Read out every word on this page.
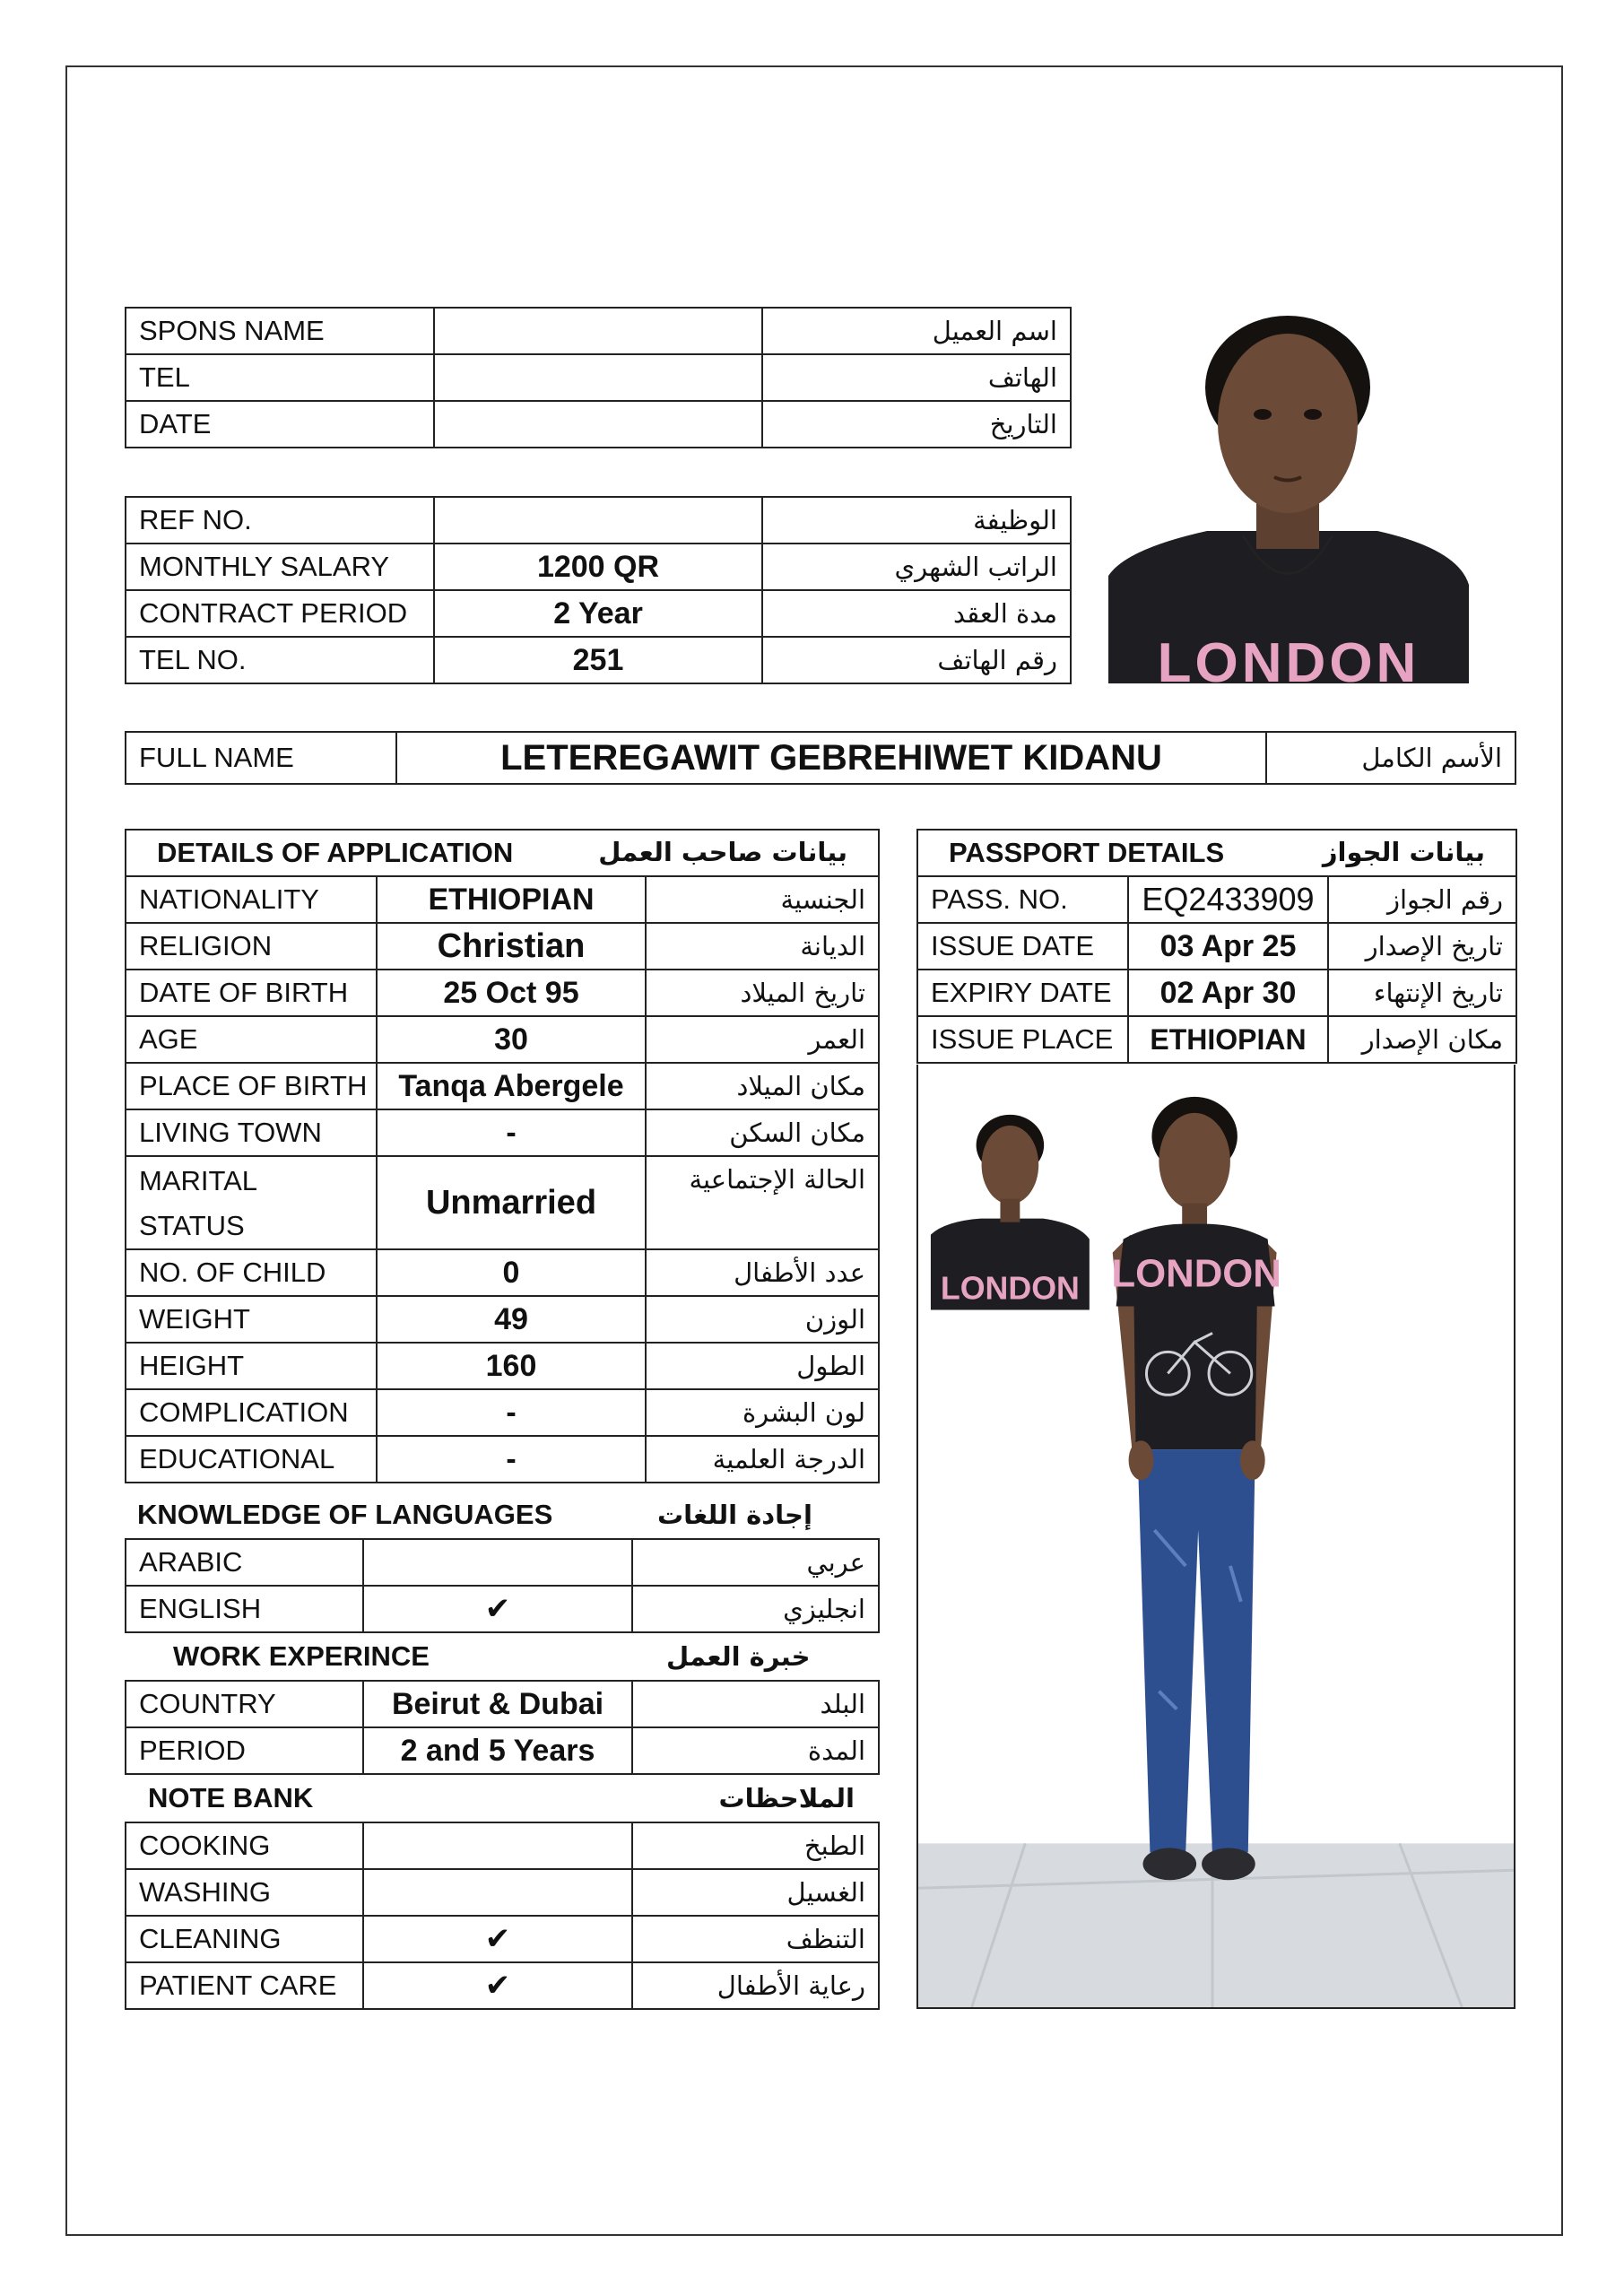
SPONS NAME		اسم العميل
TEL		الهاتف
DATE		التاريخ
REF NO.		الوظيفة
MONTHLY SALARY	1200 QR	الراتب الشهري
CONTRACT PERIOD	2 Year	مدة العقد
TEL NO.	251	رقم الهاتف LONDON
FULL NAME	LETEREGAWIT GEBREHIWET KIDANU	الأسم الكامل
DETAILS OF APPLICATION بيانات صاحب العمل		

NATIONALITY	ETHIOPIAN	الجنسية
RELIGION	Christian	الديانة
DATE OF BIRTH	25 Oct 95	تاريخ الميلاد
AGE	30	العمر
PLACE OF BIRTH	Tanqa Abergele	مكان الميلاد
LIVING TOWN	-	مكان السكن
MARITAL STATUS	Unmarried	الحالة الإجتماعية
NO. OF CHILD	0	عدد الأطفال
WEIGHT	49	الوزن
HEIGHT	160	الطول
COMPLICATION	-	لون البشرة
EDUCATIONAL	-	الدرجة العلمية
KNOWLEDGE OF LANGUAGES	إجادة اللغات
ARABIC		عربي
ENGLISH	✔	انجليزي
WORK EXPERINCE	خبرة العمل
COUNTRY	Beirut & Dubai	البلد
PERIOD	2 and 5 Years	المدة
NOTE BANK	الملاحظات
COOKING		الطبخ
WASHING		الغسيل
CLEANING	✔	التنظف
PATIENT CARE	✔	رعاية الأطفال
PASSPORT DETAILS بيانات الجواز		

PASS. NO.	EQ2433909	رقم الجواز
ISSUE DATE	03 Apr 25	تاريخ الإصدار
EXPIRY DATE	02 Apr 30	تاريخ الإنتهاء
ISSUE PLACE	ETHIOPIAN	مكان الإصدار
LONDON LONDON
